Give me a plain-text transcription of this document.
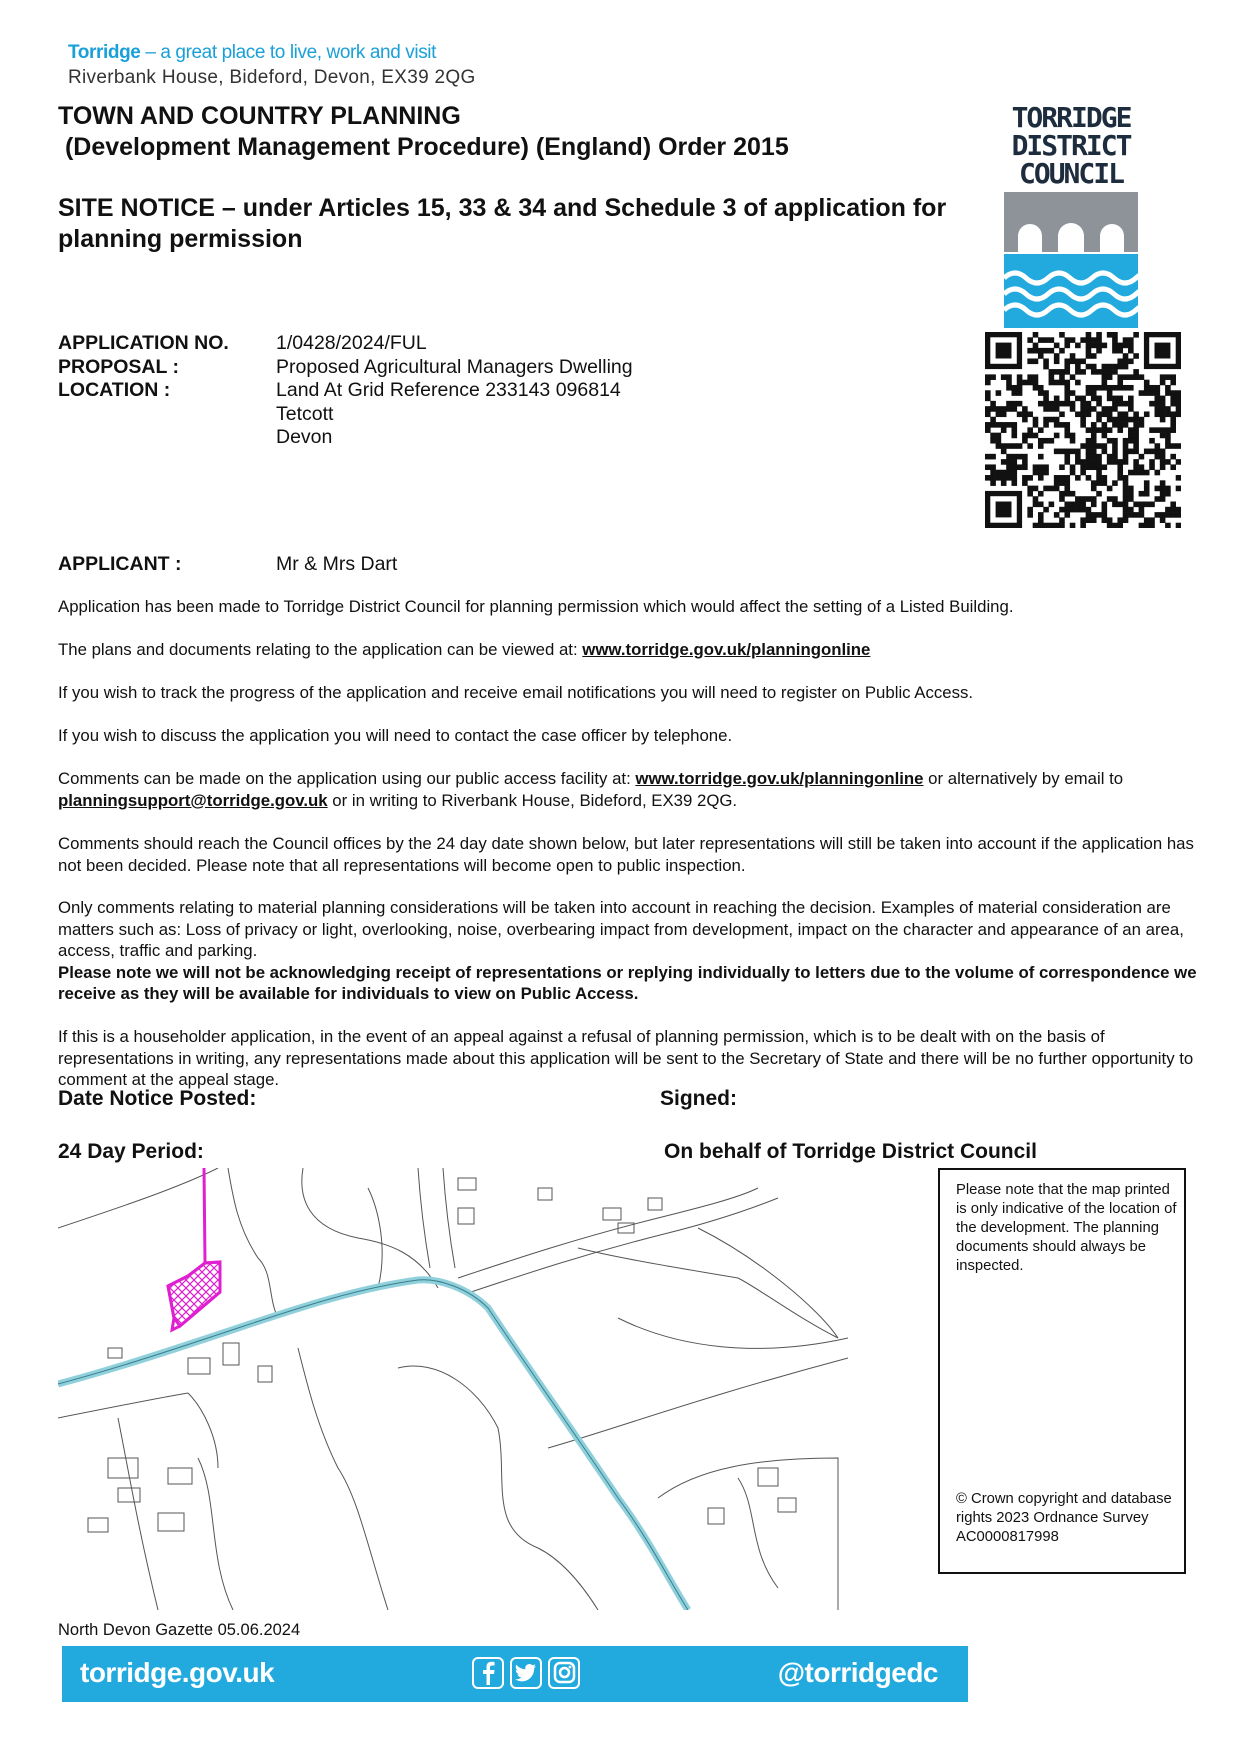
Torridge – a great place to live, work and visit
Riverbank House, Bideford, Devon, EX39 2QG
TOWN AND COUNTRY PLANNING
(Development Management Procedure) (England) Order 2015
SITE NOTICE – under Articles 15, 33 & 34 and Schedule 3 of application for planning permission
TORRIDGE
DISTRICT
COUNCIL
APPLICATION NO.	1/0428/2024/FUL
PROPOSAL :	Proposed Agricultural Managers Dwelling
LOCATION :	Land At Grid Reference 233143 096814
Tetcott
Devon
APPLICANT :	Mr & Mrs Dart
Application has been made to Torridge District Council for planning permission which would affect the setting of a Listed Building.
The plans and documents relating to the application can be viewed at: www.torridge.gov.uk/planningonline
If you wish to track the progress of the application and receive email notifications you will need to register on Public Access.
If you wish to discuss the application you will need to contact the case officer by telephone.
Comments can be made on the application using our public access facility at: www.torridge.gov.uk/planningonline or alternatively by email to planningsupport@torridge.gov.uk or in writing to Riverbank House, Bideford, EX39 2QG.
Comments should reach the Council offices by the 24 day date shown below, but later representations will still be taken into account if the application has not been decided. Please note that all representations will become open to public inspection.
Only comments relating to material planning considerations will be taken into account in reaching the decision. Examples of material consideration are matters such as: Loss of privacy or light, overlooking, noise, overbearing impact from development, impact on the character and appearance of an area, access, traffic and parking.
Please note we will not be acknowledging receipt of representations or replying individually to letters due to the volume of correspondence we receive as they will be available for individuals to view on Public Access.
If this is a householder application, in the event of an appeal against a refusal of planning permission, which is to be dealt with on the basis of representations in writing, any representations made about this application will be sent to the Secretary of State and there will be no further opportunity to comment at the appeal stage.
Date Notice Posted:	Signed:
24 Day Period:	On behalf of Torridge District Council
Please note that the map printed is only indicative of the location of the development. The planning documents should always be inspected.
© Crown copyright and database rights 2023 Ordnance Survey AC0000817998
North Devon Gazette 05.06.2024
torridge.gov.uk	@torridgedc
